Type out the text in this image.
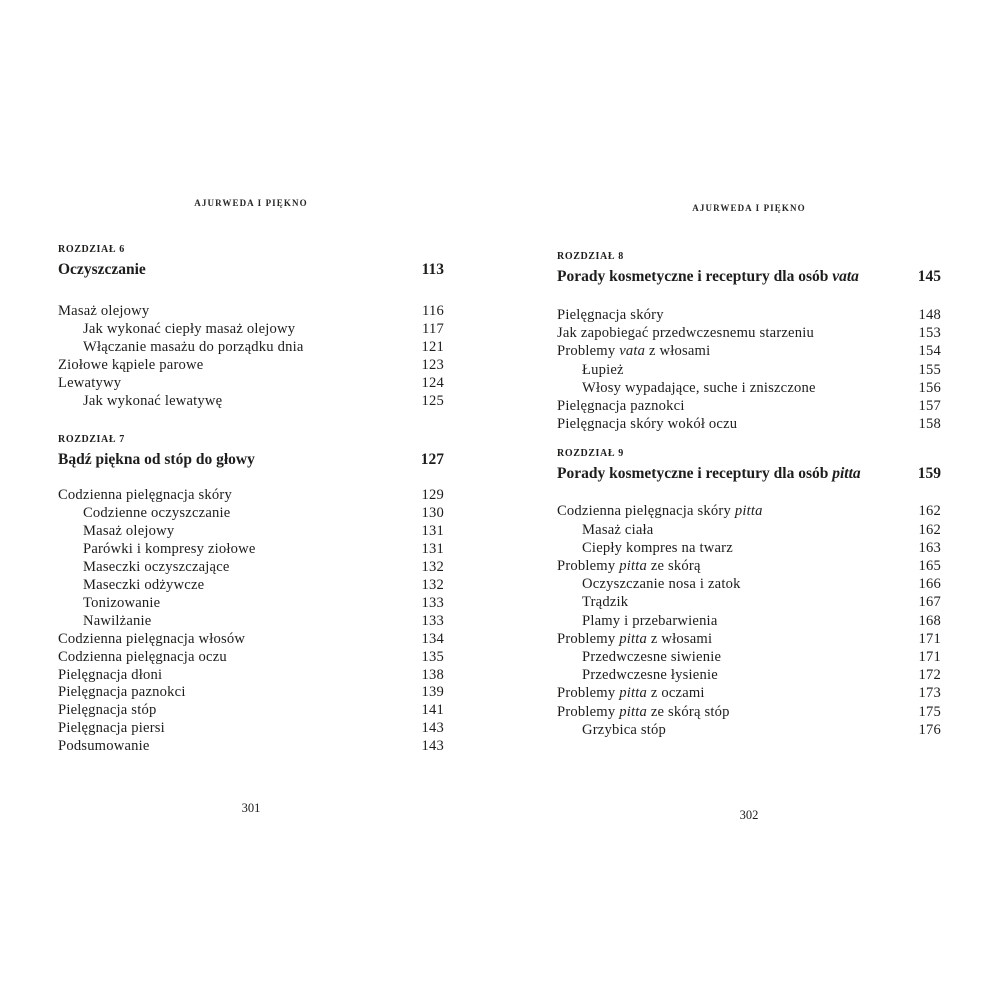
AJURWEDA I PIĘKNO
ROZDZIAŁ 6
Oczyszczanie	113
Masaż olejowy	116
Jak wykonać ciepły masaż olejowy	117
Włączanie masażu do porządku dnia	121
Ziołowe kąpiele parowe	123
Lewatywy	124
Jak wykonać lewatywę	125
ROZDZIAŁ 7
Bądź piękna od stóp do głowy	127
Codzienna pielęgnacja skóry	129
Codzienne oczyszczanie	130
Masaż olejowy	131
Parówki i kompresy ziołowe	131
Maseczki oczyszczające	132
Maseczki odżywcze	132
Tonizowanie	133
Nawilżanie	133
Codzienna pielęgnacja włosów	134
Codzienna pielęgnacja oczu	135
Pielęgnacja dłoni	138
Pielęgnacja paznokci	139
Pielęgnacja stóp	141
Pielęgnacja piersi	143
Podsumowanie	143
301
AJURWEDA I PIĘKNO
ROZDZIAŁ 8
Porady kosmetyczne i receptury dla osób vata	145
Pielęgnacja skóry	148
Jak zapobiegać przedwczesnemu starzeniu	153
Problemy vata z włosami	154
Łupież	155
Włosy wypadające, suche i zniszczone	156
Pielęgnacja paznokci	157
Pielęgnacja skóry wokół oczu	158
ROZDZIAŁ 9
Porady kosmetyczne i receptury dla osób pitta	159
Codzienna pielęgnacja skóry pitta	162
Masaż ciała	162
Ciepły kompres na twarz	163
Problemy pitta ze skórą	165
Oczyszczanie nosa i zatok	166
Trądzik	167
Plamy i przebarwienia	168
Problemy pitta z włosami	171
Przedwczesne siwienie	171
Przedwczesne łysienie	172
Problemy pitta z oczami	173
Problemy pitta ze skórą stóp	175
Grzybica stóp	176
302
